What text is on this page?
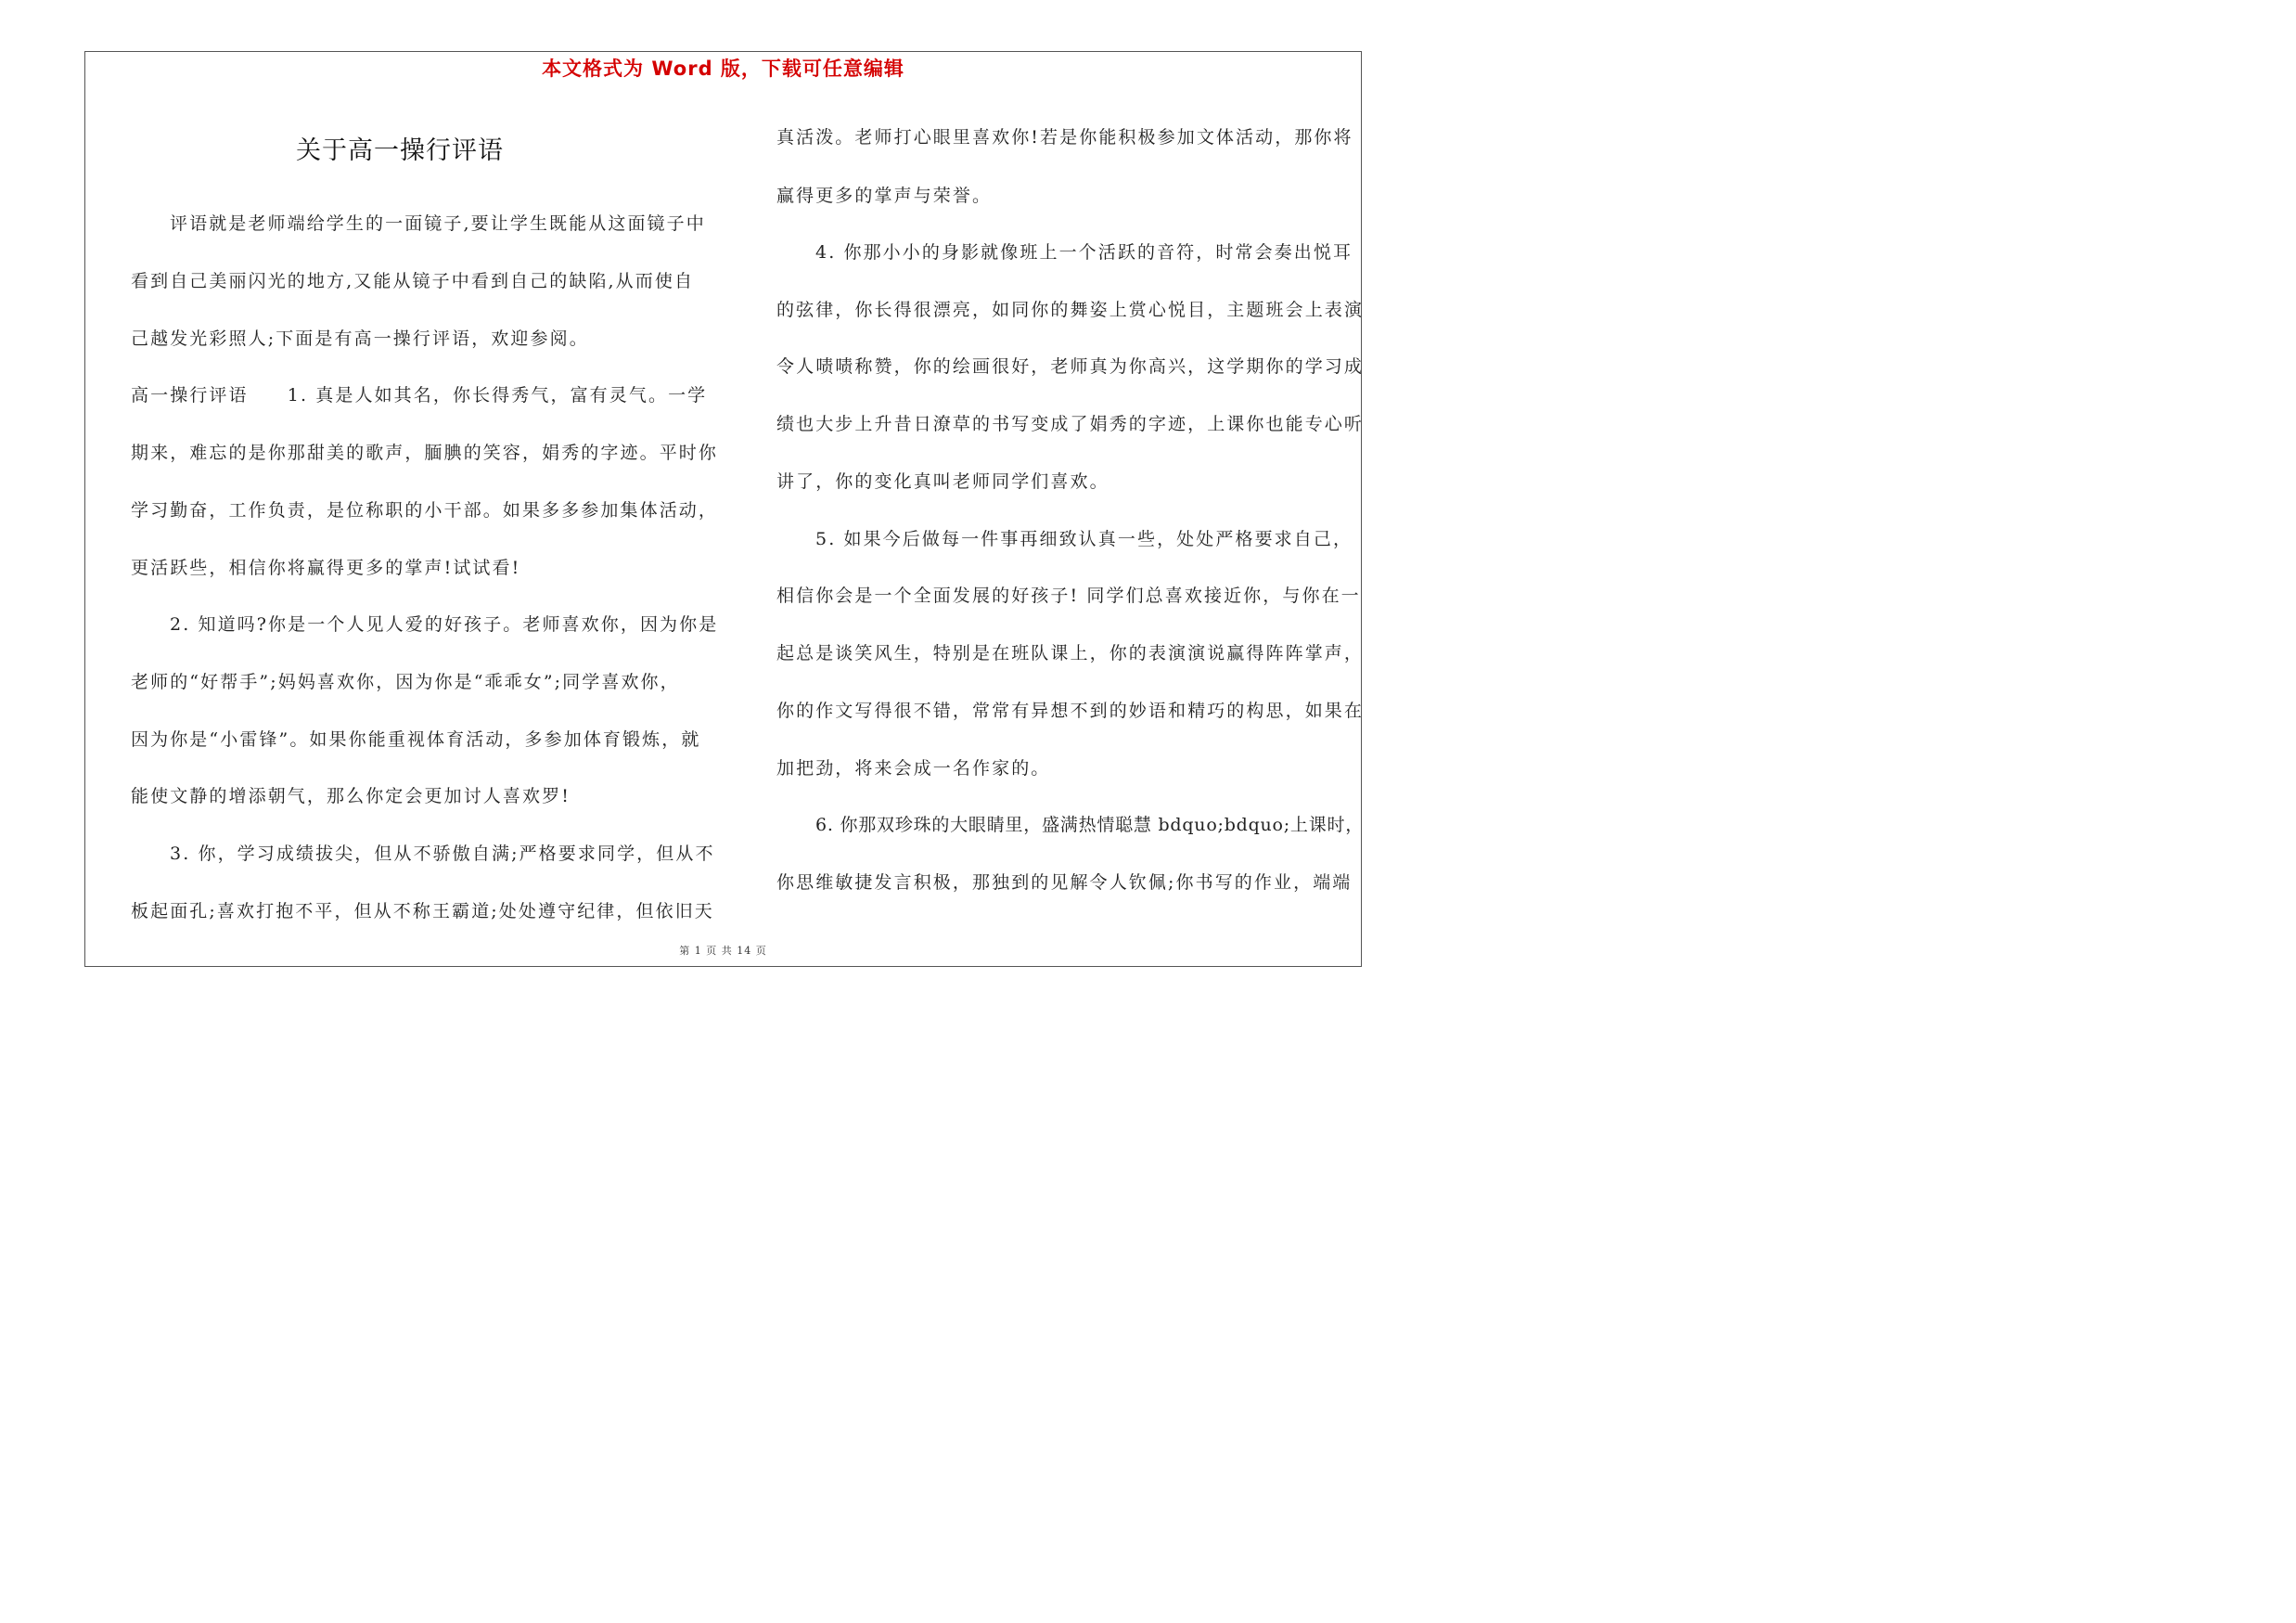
本文格式为 Word 版，下载可任意编辑
关于高一操行评语
评语就是老师端给学生的一面镜子,要让学生既能从这面镜子中
看到自己美丽闪光的地方,又能从镜子中看到自己的缺陷,从而使自
己越发光彩照人;下面是有高一操行评语，欢迎参阅。
高一操行评语　　1. 真是人如其名，你长得秀气，富有灵气。一学
期来，难忘的是你那甜美的歌声，腼腆的笑容，娟秀的字迹。平时你
学习勤奋，工作负责，是位称职的小干部。如果多多参加集体活动，
更活跃些，相信你将赢得更多的掌声!试试看!
2. 知道吗?你是一个人见人爱的好孩子。老师喜欢你，因为你是
老师的“好帮手”;妈妈喜欢你，因为你是“乖乖女”;同学喜欢你，
因为你是“小雷锋”。如果你能重视体育活动，多参加体育锻炼，就
能使文静的增添朝气，那么你定会更加讨人喜欢罗!
3. 你，学习成绩拔尖，但从不骄傲自满;严格要求同学，但从不
板起面孔;喜欢打抱不平，但从不称王霸道;处处遵守纪律，但依旧天
真活泼。老师打心眼里喜欢你!若是你能积极参加文体活动，那你将
赢得更多的掌声与荣誉。
4. 你那小小的身影就像班上一个活跃的音符，时常会奏出悦耳
的弦律，你长得很漂亮，如同你的舞姿上赏心悦目，主题班会上表演
令人啧啧称赞，你的绘画很好，老师真为你高兴，这学期你的学习成
绩也大步上升昔日潦草的书写变成了娟秀的字迹，上课你也能专心听
讲了，你的变化真叫老师同学们喜欢。
5. 如果今后做每一件事再细致认真一些，处处严格要求自己，
相信你会是一个全面发展的好孩子! 同学们总喜欢接近你，与你在一
起总是谈笑风生，特别是在班队课上，你的表演演说赢得阵阵掌声，
你的作文写得很不错，常常有异想不到的妙语和精巧的构思，如果在
加把劲，将来会成一名作家的。
6. 你那双珍珠的大眼睛里，盛满热情聪慧 bdquo;bdquo;上课时，
你思维敏捷发言积极，那独到的见解令人钦佩;你书写的作业，端端
第 1 页 共 14 页
